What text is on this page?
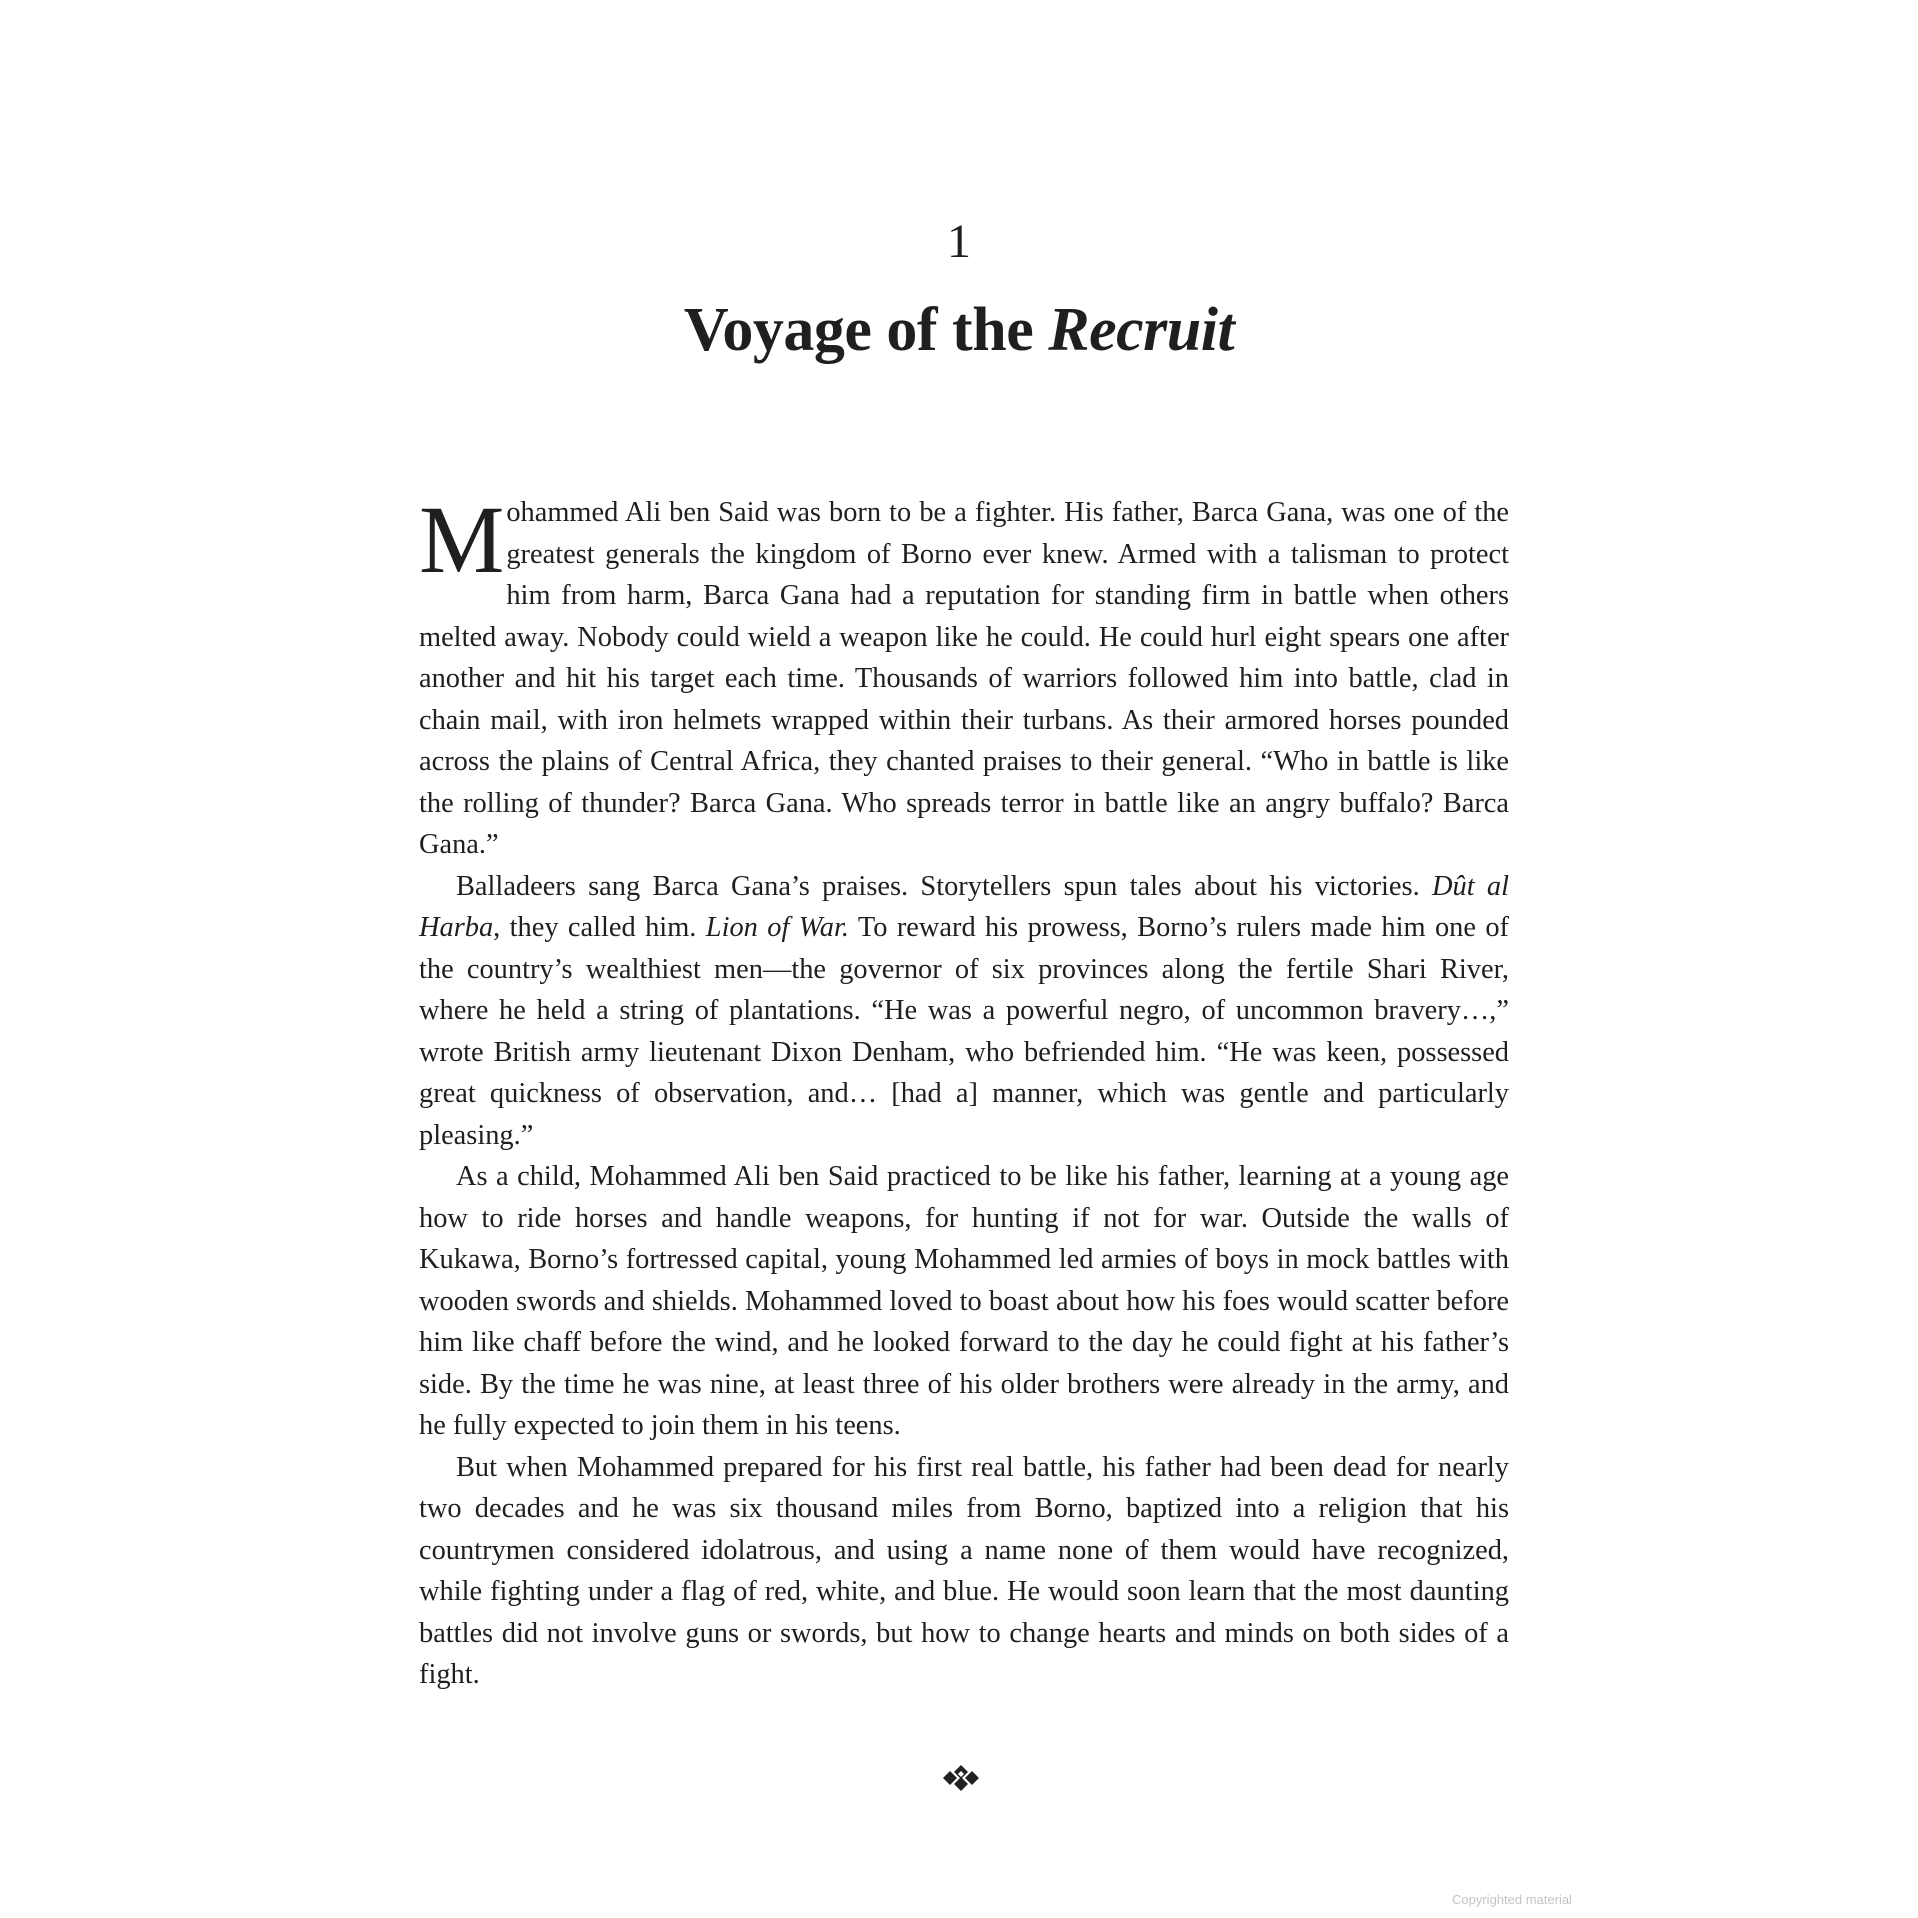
1
Voyage of the Recruit

Mohammed Ali ben Said was born to be a fighter. His father, Barca Gana, was one of the greatest generals the kingdom of Borno ever knew. Armed with a talisman to protect him from harm, Barca Gana had a reputation for standing firm in battle when others melted away. Nobody could wield a weapon like he could. He could hurl eight spears one after another and hit his target each time. Thousands of warriors followed him into battle, clad in chain mail, with iron helmets wrapped within their turbans. As their armored horses pounded across the plains of Central Africa, they chanted praises to their general. “Who in battle is like the rolling of thunder? Barca Gana. Who spreads terror in battle like an angry buffalo? Barca Gana.”

Balladeers sang Barca Gana’s praises. Storytellers spun tales about his victories. Dût al Harba, they called him. Lion of War. To reward his prowess, Borno’s rulers made him one of the country’s wealthiest men—the governor of six provinces along the fertile Shari River, where he held a string of plantations. “He was a powerful negro, of uncommon bravery…,” wrote British army lieutenant Dixon Denham, who befriended him. “He was keen, possessed great quickness of observation, and… [had a] manner, which was gentle and particularly pleasing.”

As a child, Mohammed Ali ben Said practiced to be like his father, learning at a young age how to ride horses and handle weapons, for hunting if not for war. Outside the walls of Kukawa, Borno’s fortressed capital, young Mohammed led armies of boys in mock battles with wooden swords and shields. Mohammed loved to boast about how his foes would scatter before him like chaff before the wind, and he looked forward to the day he could fight at his father’s side. By the time he was nine, at least three of his older brothers were already in the army, and he fully expected to join them in his teens.

But when Mohammed prepared for his first real battle, his father had been dead for nearly two decades and he was six thousand miles from Borno, baptized into a religion that his countrymen considered idolatrous, and using a name none of them would have recognized, while fighting under a flag of red, white, and blue. He would soon learn that the most daunting battles did not involve guns or swords, but how to change hearts and minds on both sides of a fight.

Copyrighted material
